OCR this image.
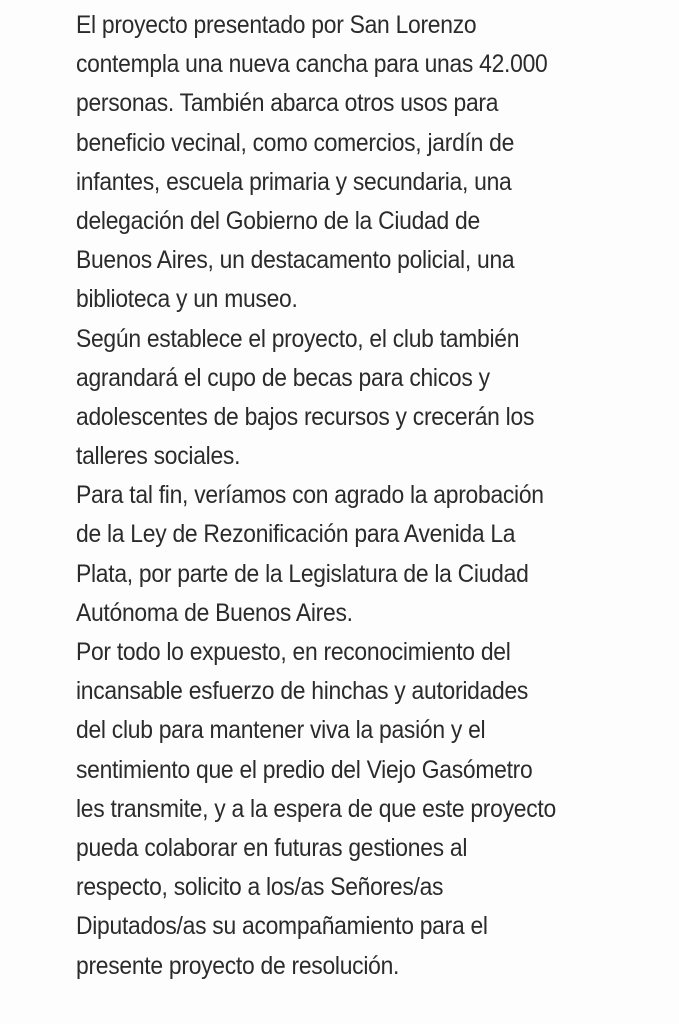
El proyecto presentado por San Lorenzo
contempla una nueva cancha para unas 42.000
personas. También abarca otros usos para
beneficio vecinal, como comercios, jardín de
infantes, escuela primaria y secundaria, una
delegación del Gobierno de la Ciudad de
Buenos Aires, un destacamento policial, una
biblioteca y un museo.
Según establece el proyecto, el club también
agrandará el cupo de becas para chicos y
adolescentes de bajos recursos y crecerán los
talleres sociales.
Para tal fin, veríamos con agrado la aprobación
de la Ley de Rezonificación para Avenida La
Plata, por parte de la Legislatura de la Ciudad
Autónoma de Buenos Aires.
Por todo lo expuesto, en reconocimiento del
incansable esfuerzo de hinchas y autoridades
del club para mantener viva la pasión y el
sentimiento que el predio del Viejo Gasómetro
les transmite, y a la espera de que este proyecto
pueda colaborar en futuras gestiones al
respecto, solicito a los/as Señores/as
Diputados/as su acompañamiento para el
presente proyecto de resolución.
